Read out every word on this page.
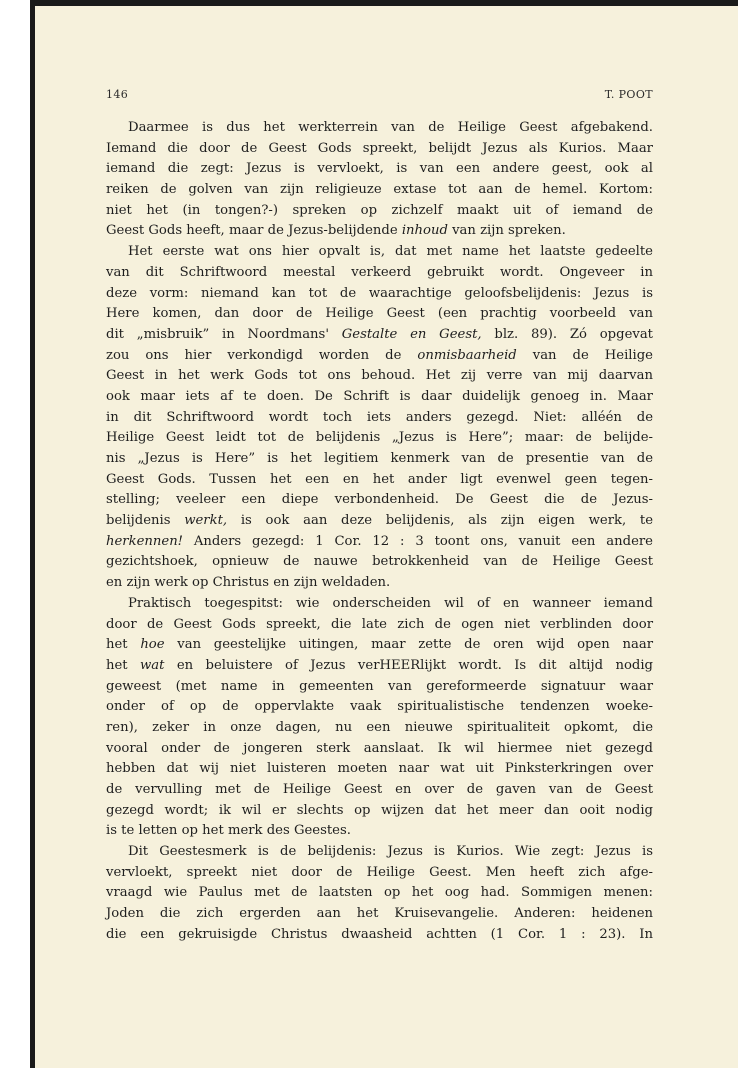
146	T. POOT
Daarmee is dus het werkterrein van de Heilige Geest afgebakend.
Iemand die door de Geest Gods spreekt, belijdt Jezus als Kurios. Maar
iemand die zegt: Jezus is vervloekt, is van een andere geest, ook al
reiken de golven van zijn religieuze extase tot aan de hemel. Kortom:
niet het (in tongen?-) spreken op zichzelf maakt uit of iemand de
Geest Gods heeft, maar de Jezus-belijdende inhoud van zijn spreken.
Het eerste wat ons hier opvalt is, dat met name het laatste gedeelte
van dit Schriftwoord meestal verkeerd gebruikt wordt. Ongeveer in
deze vorm: niemand kan tot de waarachtige geloofsbelijdenis: Jezus is
Here komen, dan door de Heilige Geest (een prachtig voorbeeld van
dit „misbruik” in Noordmans' Gestalte en Geest, blz. 89). Zó opgevat
zou ons hier verkondigd worden de onmisbaarheid van de Heilige
Geest in het werk Gods tot ons behoud. Het zij verre van mij daarvan
ook maar iets af te doen. De Schrift is daar duidelijk genoeg in. Maar
in dit Schriftwoord wordt toch iets anders gezegd. Niet: alléén de
Heilige Geest leidt tot de belijdenis „Jezus is Here”; maar: de belijde-
nis „Jezus is Here” is het legitiem kenmerk van de presentie van de
Geest Gods. Tussen het een en het ander ligt evenwel geen tegen-
stelling; veeleer een diepe verbondenheid. De Geest die de Jezus-
belijdenis werkt, is ook aan deze belijdenis, als zijn eigen werk, te
herkennen! Anders gezegd: 1 Cor. 12 : 3 toont ons, vanuit een andere
gezichtshoek, opnieuw de nauwe betrokkenheid van de Heilige Geest
en zijn werk op Christus en zijn weldaden.
Praktisch toegespitst: wie onderscheiden wil of en wanneer iemand
door de Geest Gods spreekt, die late zich de ogen niet verblinden door
het hoe van geestelijke uitingen, maar zette de oren wijd open naar
het wat en beluistere of Jezus verHEERlijkt wordt. Is dit altijd nodig
geweest (met name in gemeenten van gereformeerde signatuur waar
onder of op de oppervlakte vaak spiritualistische tendenzen woeke-
ren), zeker in onze dagen, nu een nieuwe spiritualiteit opkomt, die
vooral onder de jongeren sterk aanslaat. Ik wil hiermee niet gezegd
hebben dat wij niet luisteren moeten naar wat uit Pinksterkringen over
de vervulling met de Heilige Geest en over de gaven van de Geest
gezegd wordt; ik wil er slechts op wijzen dat het meer dan ooit nodig
is te letten op het merk des Geestes.
Dit Geestesmerk is de belijdenis: Jezus is Kurios. Wie zegt: Jezus is
vervloekt, spreekt niet door de Heilige Geest. Men heeft zich afge-
vraagd wie Paulus met de laatsten op het oog had. Sommigen menen:
Joden die zich ergerden aan het Kruisevangelie. Anderen: heidenen
die een gekruisigde Christus dwaasheid achtten (1 Cor. 1 : 23). In
